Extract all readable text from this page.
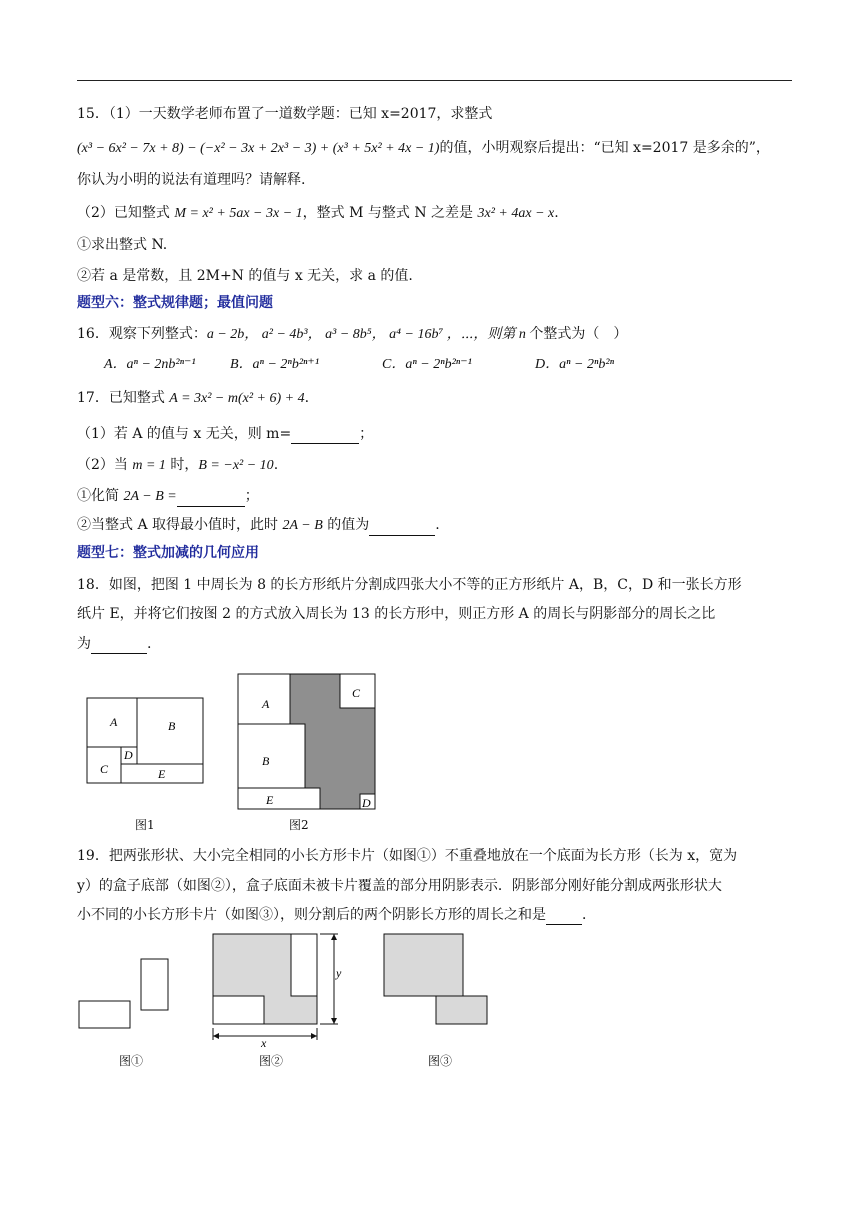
15．（1）一天数学老师布置了一道数学题：已知 x=2017，求整式
(x³ − 6x² − 7x + 8) − (−x² − 3x + 2x³ − 3) + (x³ + 5x² + 4x − 1)的值，小明观察后提出：“已知 x=2017 是多余的”，
你认为小明的说法有道理吗？请解释.
（2）已知整式 M = x² + 5ax − 3x − 1，整式 M 与整式 N 之差是 3x² + 4ax − x.
①求出整式 N.
②若 a 是常数，且 2M+N 的值与 x 无关，求 a 的值.
题型六：整式规律题；最值问题
16．观察下列整式：a − 2b， a² − 4b³， a³ − 8b⁵， a⁴ − 16b⁷ ，⋯，则第 n 个整式为（　）
A．aⁿ − 2nb²ⁿ⁻¹ B．aⁿ − 2ⁿb²ⁿ⁺¹	C．aⁿ − 2ⁿb²ⁿ⁻¹	D．aⁿ − 2ⁿb²ⁿ
17．已知整式 A = 3x² − m(x² + 6) + 4.
（1）若 A 的值与 x 无关，则 m=	；
（2）当 m = 1 时，B = −x² − 10.
①化简 2A − B =	；
②当整式 A 取得最小值时，此时 2A − B 的值为	.
题型七：整式加减的几何应用
18．如图，把图 1 中周长为 8 的长方形纸片分割成四张大小不等的正方形纸片 A，B，C，D 和一张长方形
纸片 E，并将它们按图 2 的方式放入周长为 13 的长方形中，则正方形 A 的周长与阴影部分的周长之比
为	.
A	B
C
D
E
图1
A
B
C
D
E
图2
19．把两张形状、大小完全相同的小长方形卡片（如图①）不重叠地放在一个底面为长方形（长为 x，宽为
y）的盒子底部（如图②），盒子底面未被卡片覆盖的部分用阴影表示．阴影部分刚好能分割成两张形状大
小不同的小长方形卡片（如图③），则分割后的两个阴影长方形的周长之和是	．
图①
y
x
图②	图③
